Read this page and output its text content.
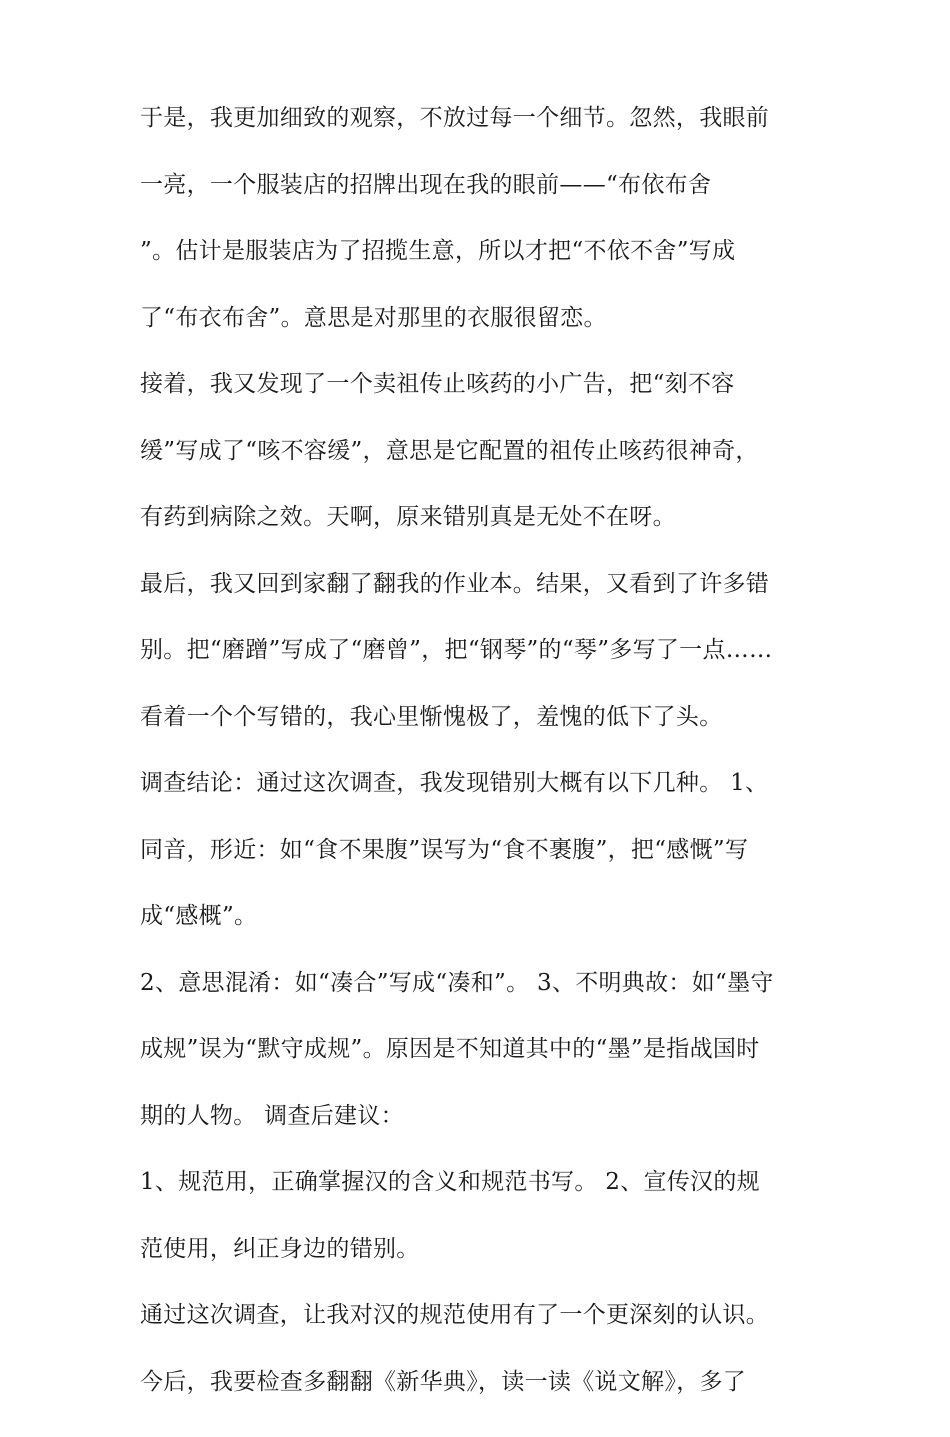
于是，我更加细致的观察，不放过每一个细节。忽然，我眼前
一亮，一个服装店的招牌出现在我的眼前——“布依布舍
”。估计是服装店为了招揽生意，所以才把“不依不舍”写成
了“布衣布舍”。意思是对那里的衣服很留恋。
接着，我又发现了一个卖祖传止咳药的小广告，把“刻不容
缓”写成了“咳不容缓”，意思是它配置的祖传止咳药很神奇，
有药到病除之效。天啊，原来错别真是无处不在呀。
最后，我又回到家翻了翻我的作业本。结果，又看到了许多错
别。把“磨蹭”写成了“磨曾”，把“钢琴”的“琴”多写了一点……
看着一个个写错的，我心里惭愧极了，羞愧的低下了头。
调查结论：通过这次调查，我发现错别大概有以下几种。 1、
同音，形近：如“食不果腹”误写为“食不裹腹”，把“感慨”写
成“感概”。
2、意思混淆：如“凑合”写成“凑和”。 3、不明典故：如“墨守
成规”误为“默守成规”。原因是不知道其中的“墨”是指战国时
期的人物。 调查后建议：
1、规范用，正确掌握汉的含义和规范书写。 2、宣传汉的规
范使用，纠正身边的错别。
通过这次调查，让我对汉的规范使用有了一个更深刻的认识。
今后，我要检查多翻翻《新华典》，读一读《说文解》，多了
